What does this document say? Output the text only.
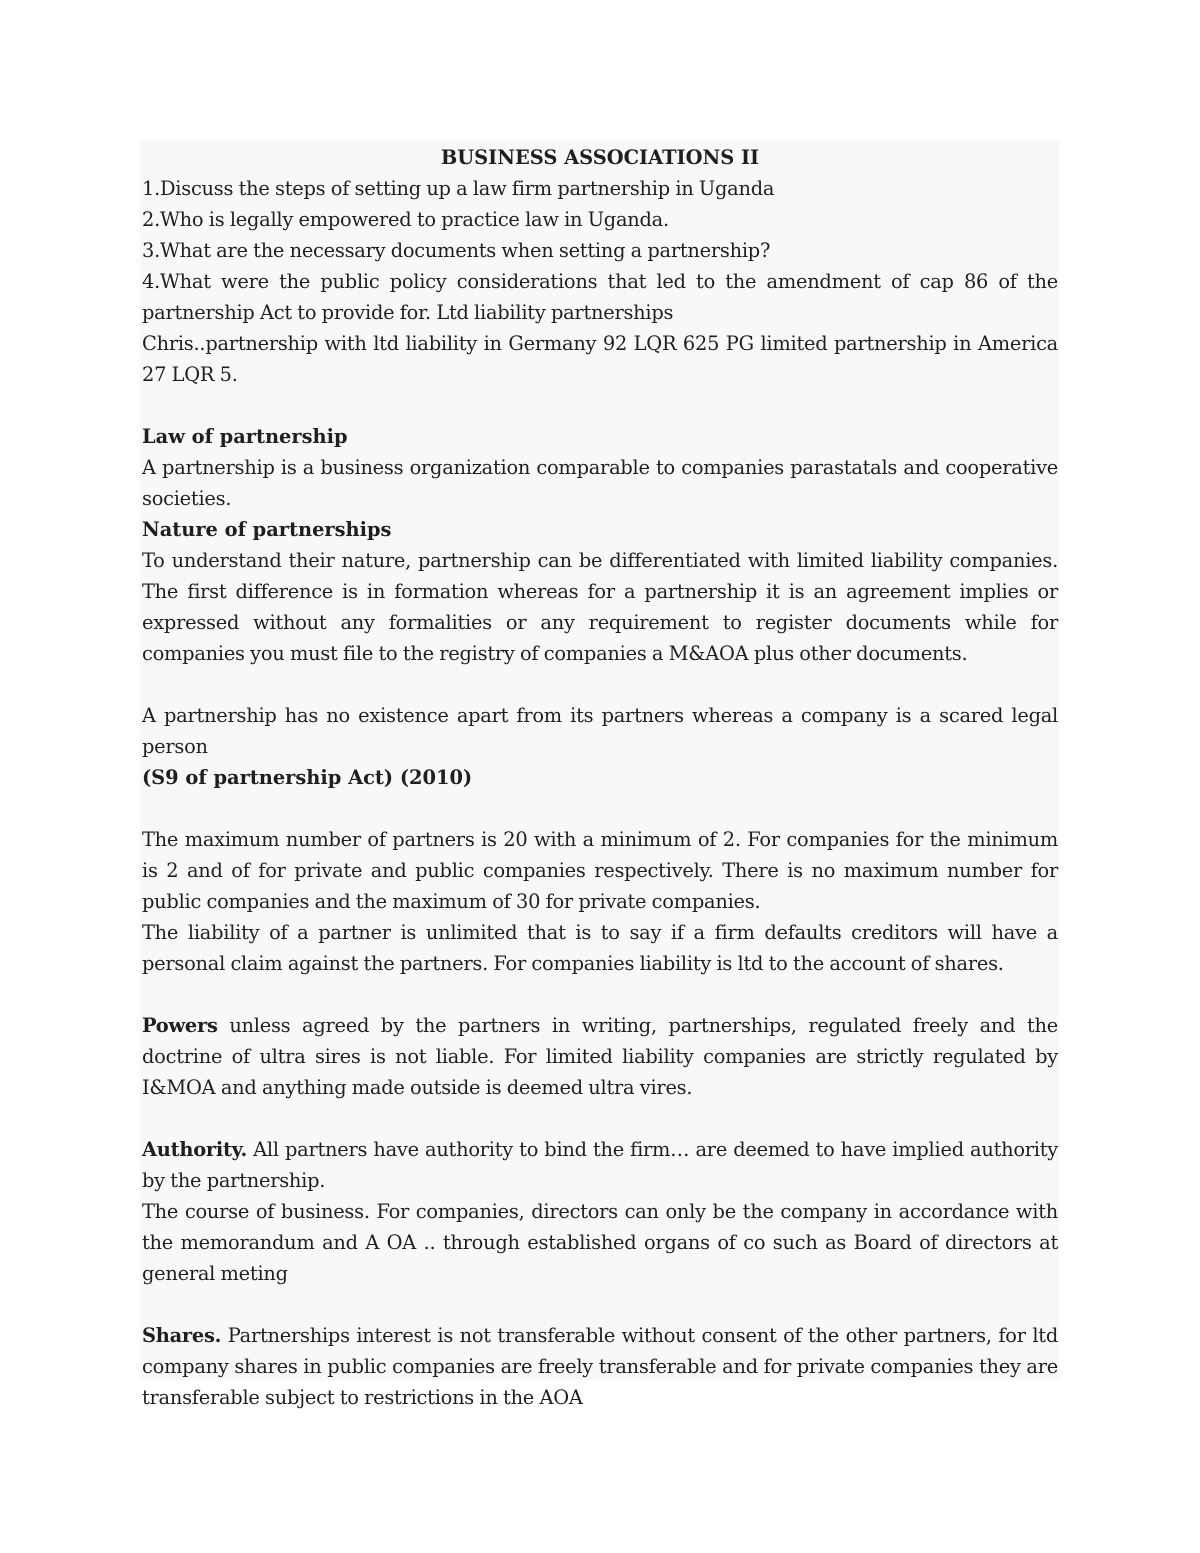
BUSINESS ASSOCIATIONS II

1.Discuss the steps of setting up a law firm partnership in Uganda

2.Who is legally empowered to practice law in Uganda.

3.What are the necessary documents when setting a partnership?

4.What were the public policy considerations that led to the amendment of cap 86 of the partnership Act to provide for. Ltd liability partnerships

Chris..partnership with ltd liability in Germany 92 LQR 625 PG limited partnership in America 27 LQR 5.

Law of partnership

A partnership is a business organization comparable to companies parastatals and cooperative societies.

Nature of partnerships

To understand their nature, partnership can be differentiated with limited liability companies. The first difference is in formation whereas for a partnership it is an agreement implies or expressed without any formalities or any requirement to register documents while for companies you must file to the registry of companies a M&AOA plus other documents.

A partnership has no existence apart from its partners whereas a company is a scared legal person

(S9 of partnership Act) (2010)

The maximum number of partners is 20 with a minimum of 2. For companies for the minimum is 2 and of for private and public companies respectively. There is no maximum number for public companies and the maximum of 30 for private companies.

The liability of a partner is unlimited that is to say if a firm defaults creditors will have a personal claim against the partners. For companies liability is ltd to the account of shares.

Powers unless agreed by the partners in writing, partnerships, regulated freely and the doctrine of ultra sires is not liable. For limited liability companies are strictly regulated by I&MOA and anything made outside is deemed ultra vires.

Authority. All partners have authority to bind the firm… are deemed to have implied authority by the partnership.

The course of business. For companies, directors can only be the company in accordance with the memorandum and A OA .. through established organs of co such as Board of directors at general meting

Shares. Partnerships interest is not transferable without consent of the other partners, for ltd company shares in public companies are freely transferable and for private companies they are transferable subject to restrictions in the AOA
